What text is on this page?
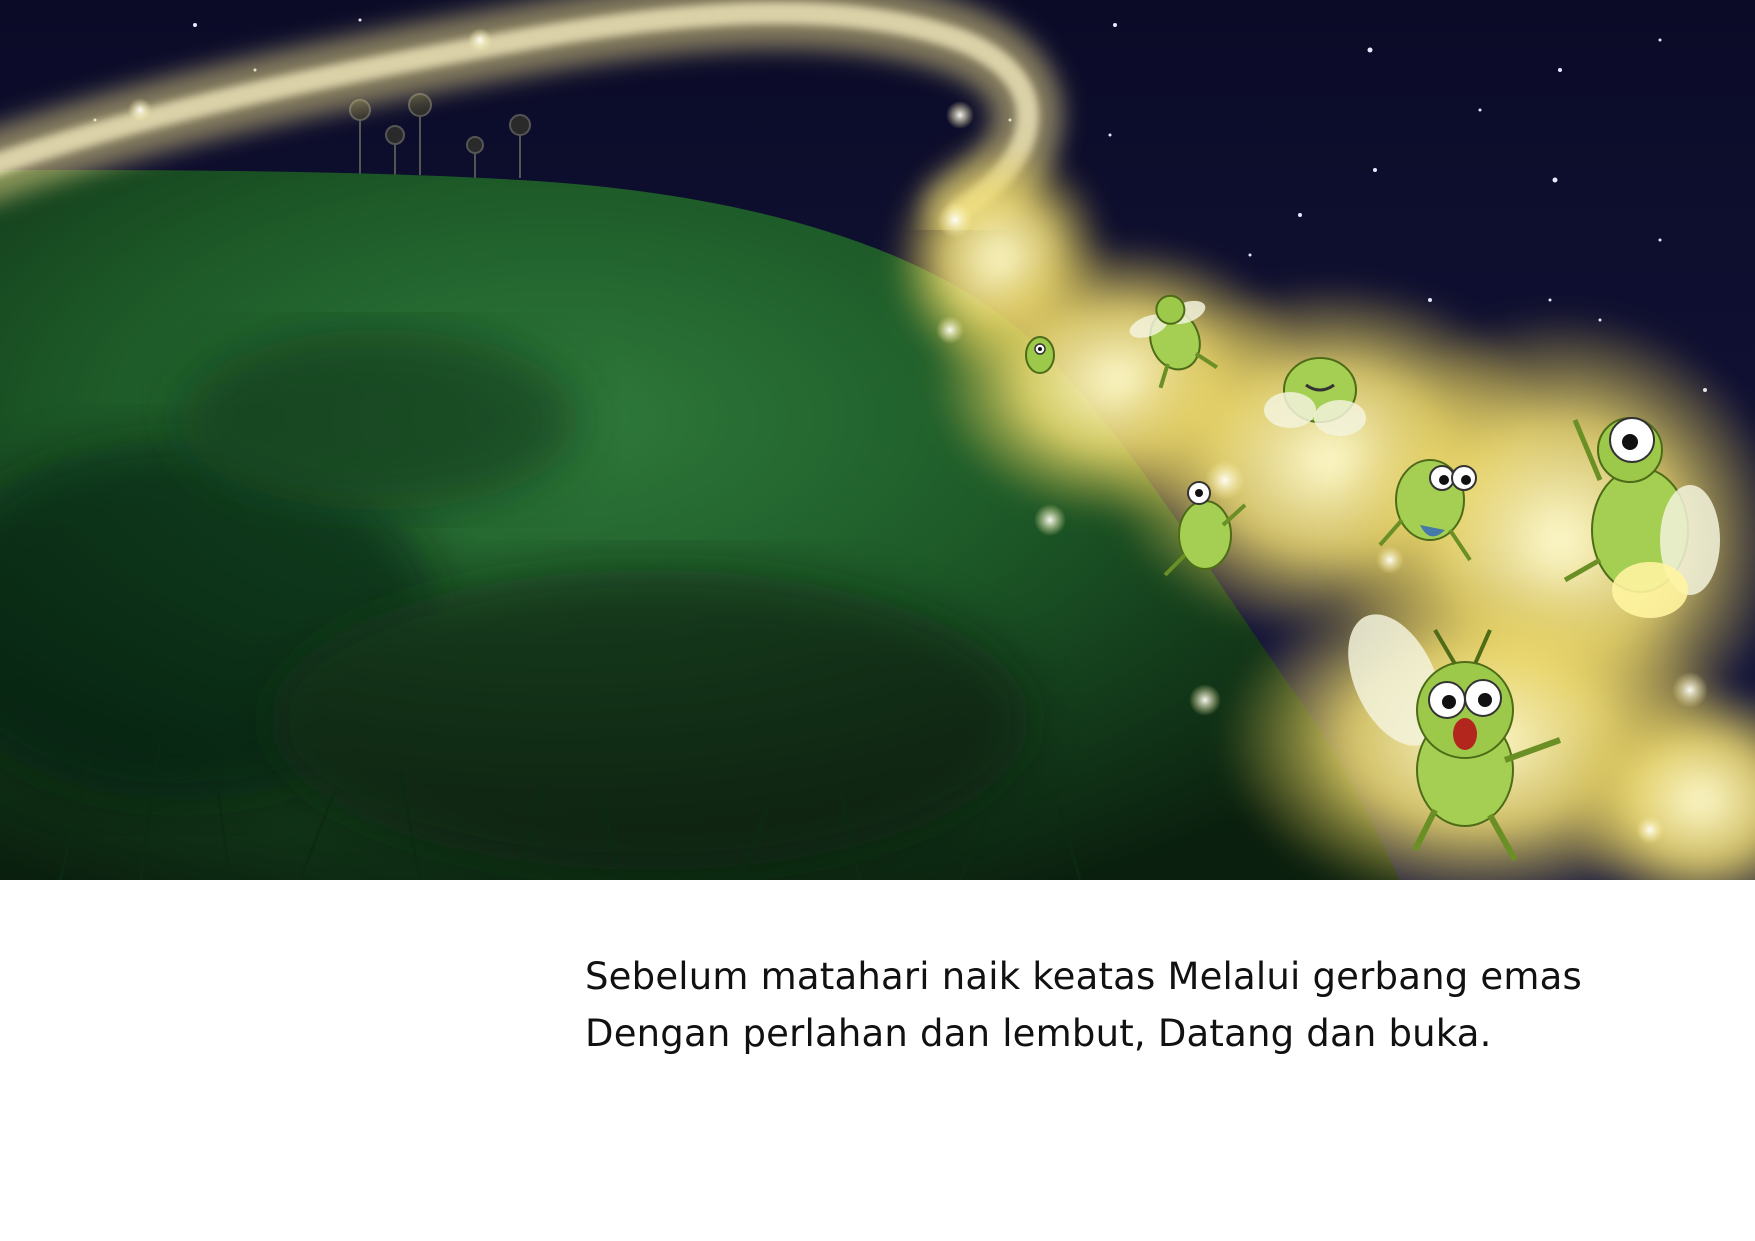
Sebelum matahari naik keatas Melalui gerbang emas Dengan perlahan dan lembut, Datang dan buka.
